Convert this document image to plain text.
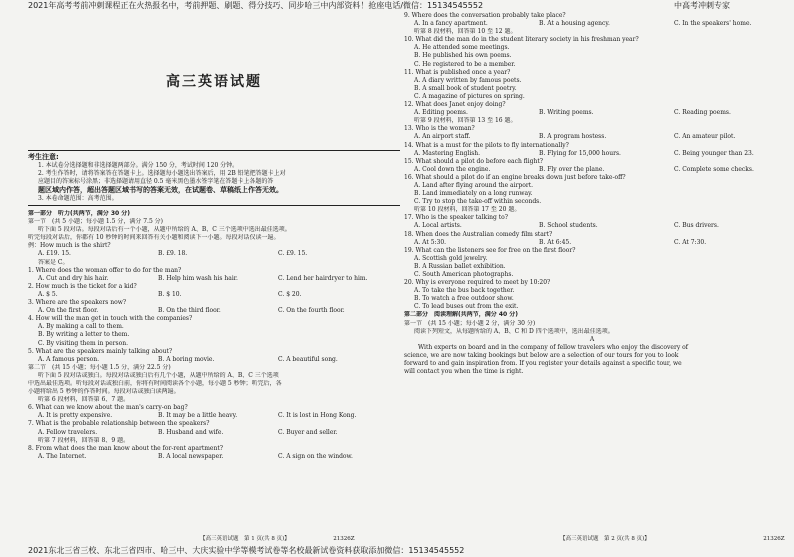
2021年高考考前冲刺课程正在火热报名中，考前押题、刷题、得分技巧、同步哈三中内部资料！抢座电话/微信：15134545552	中高考冲刺专家
高三英语试题
考生注意:

1. 本试卷分选择题和非选择题两部分。满分 150 分，考试时间 120 分钟。

2. 考生作答时，请将答案答在答题卡上。选择题每小题选出答案后，用 2B 铅笔把答题卡上对

应题目的答案标号涂黑；非选择题请用直径 0.5 毫米黑色墨水签字笔在答题卡上各题的答

题区域内作答，超出答题区域书写的答案无效，在试题卷、草稿纸上作答无效。

3. 本卷命题范围：高考范围。

第一部分　听力(共两节，满分 30 分)
第一节　(共 5 小题；每小题 1.5 分，满分 7.5 分)
听下面 5 段对话。每段对话后有一个小题，从题中所给的 A、B、C 三个选项中选出最佳选项。
听完每段对话后，你都有 10 秒钟的时间来回答有关小题和阅读下一小题。每段对话仅读一遍。
例：How much is the shirt?
A. £19. 15.	B. £9. 18.	C. £9. 15.
答案是 C。
1. Where does the woman offer to do for the man?
A. Cut and dry his hair.	B. Help him wash his hair.	C. Lend her hairdryer to him.
2. How much is the ticket for a kid?
A. $ 5.	B. $ 10.	C. $ 20.
3. Where are the speakers now?
A. On the first floor.	B. On the third floor.	C. On the fourth floor.
4. How will the man get in touch with the companies?
A. By making a call to them.
B. By writing a letter to them.
C. By visiting them in person.
5. What are the speakers mainly talking about?
A. A famous person.	B. A boring movie.	C. A beautiful song.
第二节　(共 15 小题；每小题 1.5 分，满分 22.5 分)
听下面 5 段对话或独白。每段对话或独白后有几个小题，从题中所给的 A、B、C 三个选项
中选出最佳选项。听每段对话或独白前，你将有时间阅读各个小题，每小题 5 秒钟；听完后，各
小题将给出 5 秒钟的作答时间。每段对话或独白读两遍。
听第 6 段材料，回答第 6、7 题。
6. What can we know about the man's carry-on bag?
A. It is pretty expensive.	B. It may be a little heavy.	C. It is lost in Hong Kong.
7. What is the probable relationship between the speakers?
A. Fellow travelers.	B. Husband and wife.	C. Buyer and seller.
听第 7 段材料，回答第 8、9 题。
8. From what does the man know about the for-rent apartment?
A. The Internet.	B. A local newspaper.	C. A sign on the window.
9. Where does the conversation probably take place?
A. In a fancy apartment.	B. At a housing agency.	C. In the speakers' home.
听第 8 段材料，回答第 10 至 12 题。
10. What did the man do in the student literary society in his freshman year?
A. He attended some meetings.
B. He published his own poems.
C. He registered to be a member.
11. What is published once a year?
A. A diary written by famous poets.
B. A small book of student poetry.
C. A magazine of pictures on spring.
12. What does Janet enjoy doing?
A. Editing poems.	B. Writing poems.	C. Reading poems.
听第 9 段材料，回答第 13 至 16 题。
13. Who is the woman?
A. An airport staff.	B. A program hostess.	C. An amateur pilot.
14. What is a must for the pilots to fly internationally?
A. Mastering English.	B. Flying for 15,000 hours.	C. Being younger than 23.
15. What should a pilot do before each flight?
A. Cool down the engine.	B. Fly over the plane.	C. Complete some checks.
16. What should a pilot do if an engine breaks down just before take-off?
A. Land after flying around the airport.
B. Land immediately on a long runway.
C. Try to stop the take-off within seconds.
听第 10 段材料，回答第 17 至 20 题。
17. Who is the speaker talking to?
A. Local artists.	B. School students.	C. Bus drivers.
18. When does the Australian comedy film start?
A. At 5:30.	B. At 6:45.	C. At 7:30.
19. What can the listeners see for free on the first floor?
A. Scottish gold jewelry.
B. A Russian ballet exhibition.
C. South American photographs.
20. Why is everyone required to meet by 10:20?
A. To take the bus back together.
B. To watch a free outdoor show.
C. To lead buses out from the exit.
第二部分　阅读理解(共两节，满分 40 分)
第一节　(共 15 小题；每小题 2 分，满分 30 分)
阅读下列短文，从每题所给的 A、B、C 和 D 四个选项中，选出最佳选项。
A
With experts on board and in the company of fellow travelers who enjoy the discovery of
science, we are now taking bookings but below are a selection of our tours for you to look
forward to and gain inspiration from. If you register your details against a specific tour, we
will contact you when the time is right.
【高三英语试题　第 1 页(共 8 页)】	21326Z	【高三英语试题　第 2 页(共 8 页)】	21326Z
2021东北三省三校、东北三省四市、哈三中、大庆实验中学等模考试卷等名校最新试卷资料获取添加微信：15134545552
